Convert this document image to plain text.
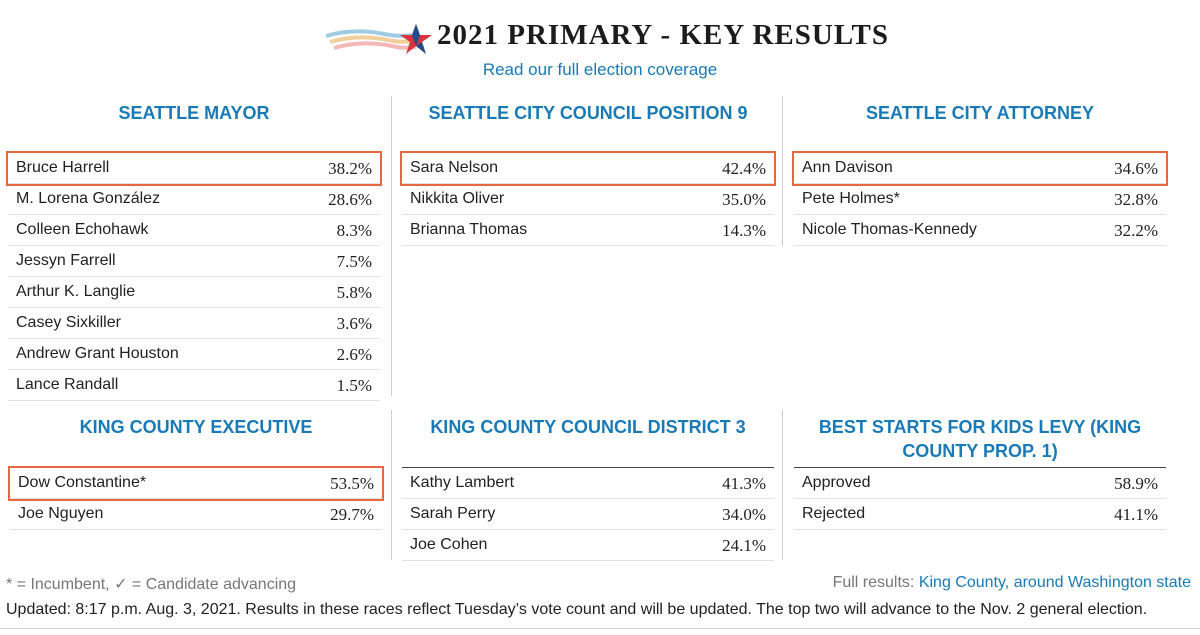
2021 PRIMARY - KEY RESULTS
Read our full election coverage
SEATTLE MAYOR
Bruce Harrell	38.2%
M. Lorena González	28.6%
Colleen Echohawk	8.3%
Jessyn Farrell	7.5%
Arthur K. Langlie	5.8%
Casey Sixkiller	3.6%
Andrew Grant Houston	2.6%
Lance Randall	1.5%
SEATTLE CITY COUNCIL POSITION 9
Sara Nelson	42.4%
Nikkita Oliver	35.0%
Brianna Thomas	14.3%
SEATTLE CITY ATTORNEY
Ann Davison	34.6%
Pete Holmes*	32.8%
Nicole Thomas-Kennedy	32.2%
KING COUNTY EXECUTIVE
Dow Constantine*	53.5%
Joe Nguyen	29.7%
KING COUNTY COUNCIL DISTRICT 3
Kathy Lambert	41.3%
Sarah Perry	34.0%
Joe Cohen	24.1%
BEST STARTS FOR KIDS LEVY (KING
COUNTY PROP. 1)
Approved	58.9%
Rejected	41.1%
* = Incumbent, ✓ = Candidate advancing	Full results: King County, around Washington state
Updated: 8:17 p.m. Aug. 3, 2021. Results in these races reflect Tuesday’s vote count and will be updated. The top two will advance to the Nov. 2 general election.
